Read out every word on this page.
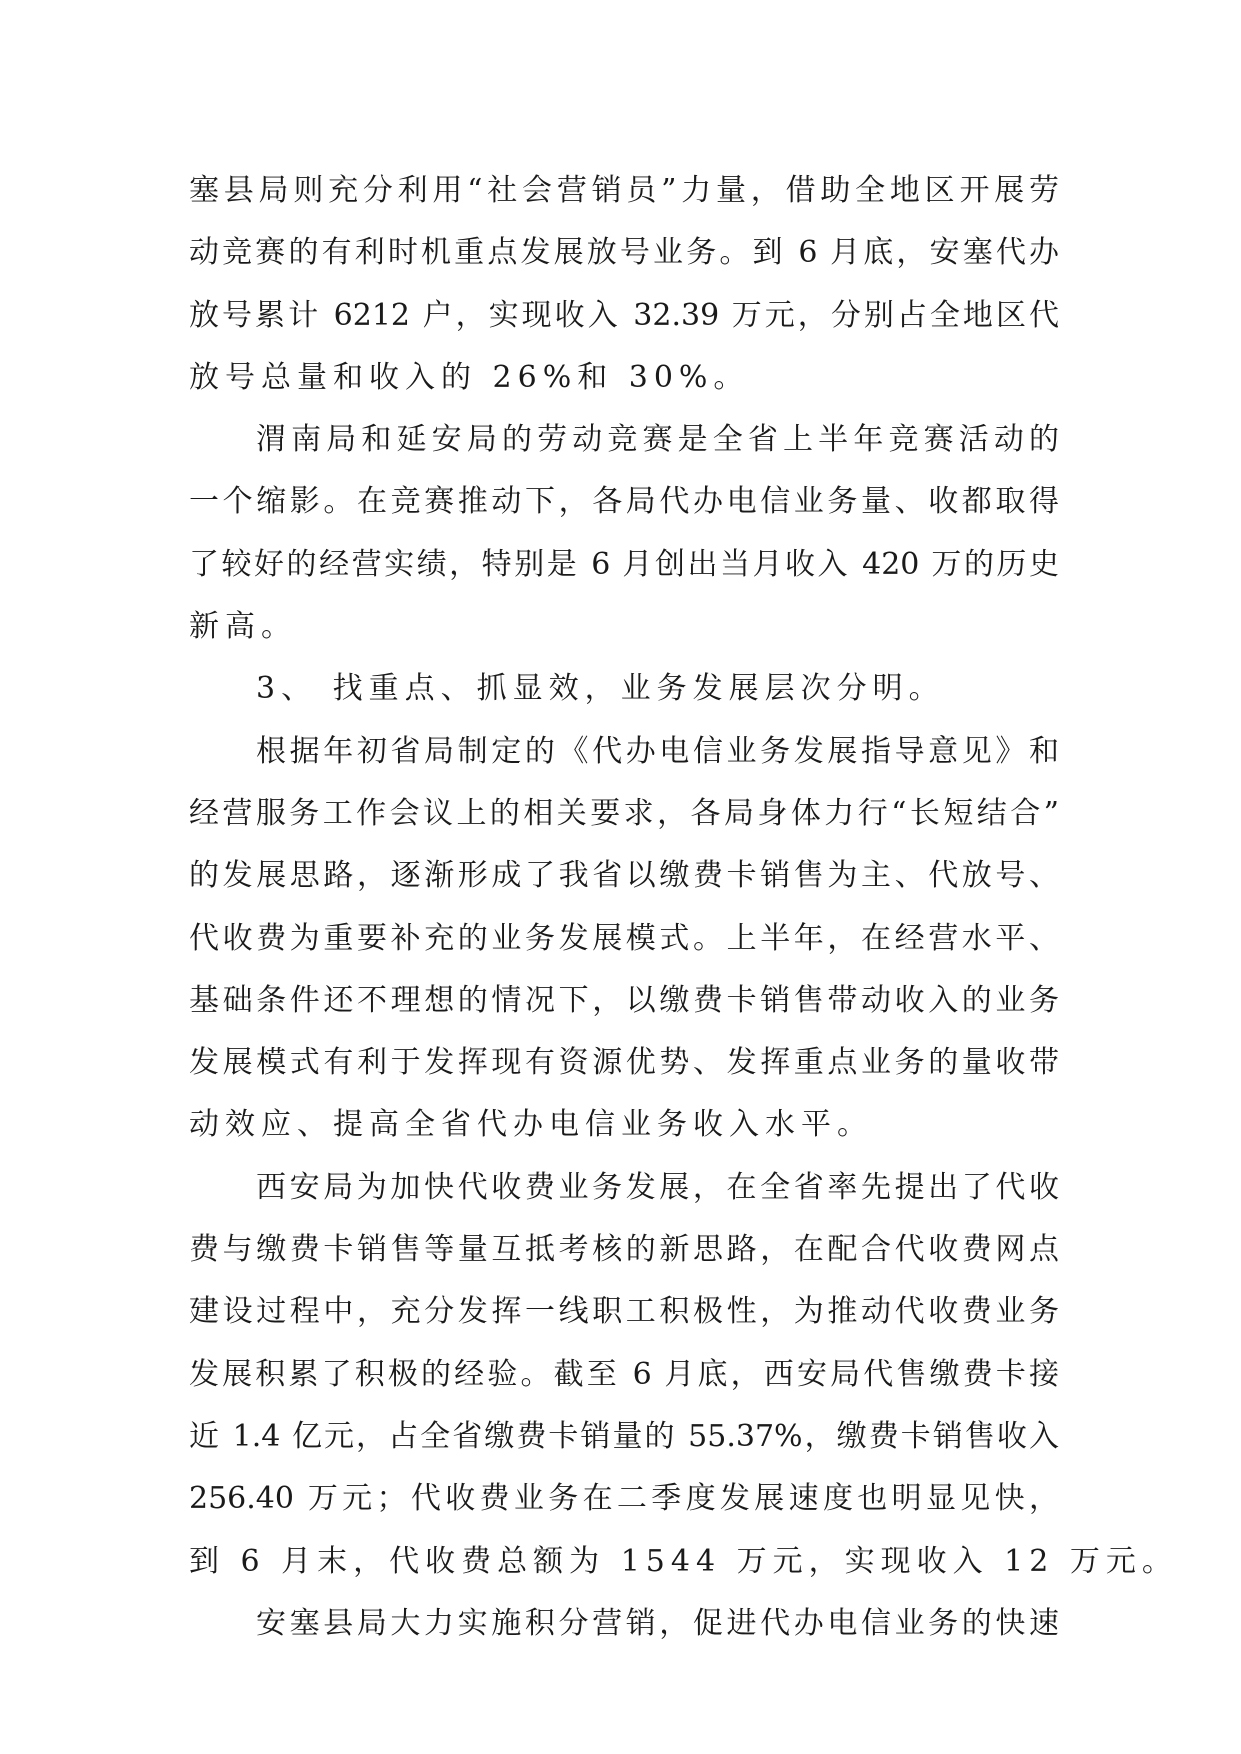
塞县局则充分利用“社会营销员”力量，借助全地区开展劳
动竞赛的有利时机重点发展放号业务。到 6 月底，安塞代办
放号累计 6212 户，实现收入 32.39 万元，分别占全地区代
放号总量和收入的 26%和 30%。
渭南局和延安局的劳动竞赛是全省上半年竞赛活动的
一个缩影。在竞赛推动下，各局代办电信业务量、收都取得
了较好的经营实绩，特别是 6 月创出当月收入 420 万的历史
新高。
3、 找重点、抓显效，业务发展层次分明。
根据年初省局制定的《代办电信业务发展指导意见》和
经营服务工作会议上的相关要求，各局身体力行“长短结合”
的发展思路，逐渐形成了我省以缴费卡销售为主、代放号、
代收费为重要补充的业务发展模式。上半年，在经营水平、
基础条件还不理想的情况下，以缴费卡销售带动收入的业务
发展模式有利于发挥现有资源优势、发挥重点业务的量收带
动效应、提高全省代办电信业务收入水平。
西安局为加快代收费业务发展，在全省率先提出了代收
费与缴费卡销售等量互抵考核的新思路，在配合代收费网点
建设过程中，充分发挥一线职工积极性，为推动代收费业务
发展积累了积极的经验。截至 6 月底，西安局代售缴费卡接
近 1.4 亿元，占全省缴费卡销量的 55.37%，缴费卡销售收入
256.40 万元；代收费业务在二季度发展速度也明显见快，
到 6 月末，代收费总额为 1544 万元，实现收入 12 万元。
安塞县局大力实施积分营销，促进代办电信业务的快速
